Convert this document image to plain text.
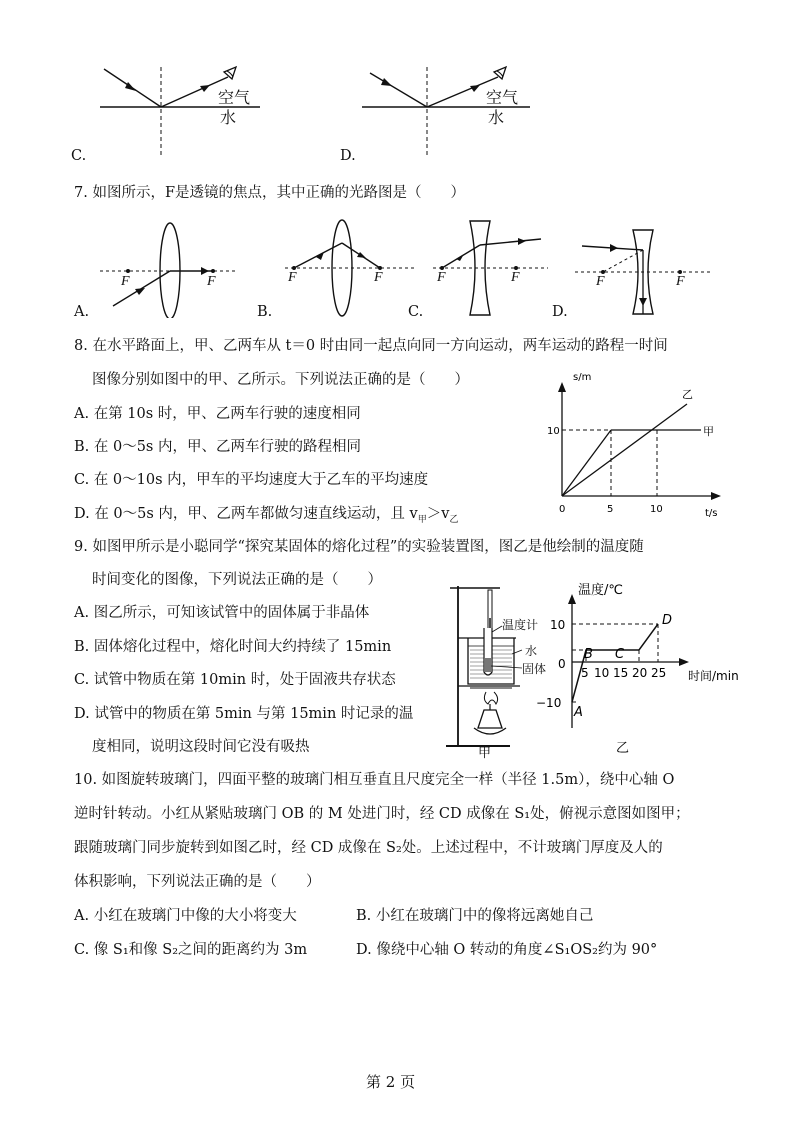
空气
水
C.
空气
水
D.
7. 如图所示，F是透镜的焦点，其中正确的光路图是（　　）
F	F
A.
F	F
B.
F	F
C.
F	F
D.
8. 在水平路面上，甲、乙两车从 t＝0 时由同一起点向同一方向运动，两车运动的路程一时间
图像分别如图中的甲、乙所示。下列说法正确的是（　　）
A. 在第 10s 时，甲、乙两车行驶的速度相同
B. 在 0～5s 内，甲、乙两车行驶的路程相同
C. 在 0～10s 内，甲车的平均速度大于乙车的平均速度
D. 在 0～5s 内，甲、乙两车都做匀速直线运动，且 $v_甲>v_乙$
s/m
t/s
0	5	10
10	甲
乙
9. 如图甲所示是小聪同学“探究某固体的熔化过程”的实验装置图，图乙是他绘制的温度随
时间变化的图像，下列说法正确的是（　　）
A. 图乙所示，可知该试管中的固体属于非晶体
B. 固体熔化过程中，熔化时间大约持续了 15min
C. 试管中物质在第 10min 时，处于固液共存状态
D. 试管中的物质在第 5min 与第 15min 时记录的温
度相同，说明这段时间它没有吸热
温度计
水
固体
甲
温度/℃
时间/min
10
0
−10
5 10 15 20 25
A
B C
D
乙
10. 如图旋转玻璃门，四面平整的玻璃门相互垂直且尺度完全一样（半径 1.5m），绕中心轴 O
逆时针转动。小红从紧贴玻璃门 OB 的 M 处进门时，经 CD 成像在 S₁处，俯视示意图如图甲；
跟随玻璃门同步旋转到如图乙时，经 CD 成像在 S₂处。上述过程中，不计玻璃门厚度及人的
体积影响，下列说法正确的是（　　）
A. 小红在玻璃门中像的大小将变大	B. 小红在玻璃门中的像将远离她自己
C. 像 S₁和像 S₂之间的距离约为 3m	D. 像绕中心轴 O 转动的角度∠S₁OS₂约为 90°
第 2 页
